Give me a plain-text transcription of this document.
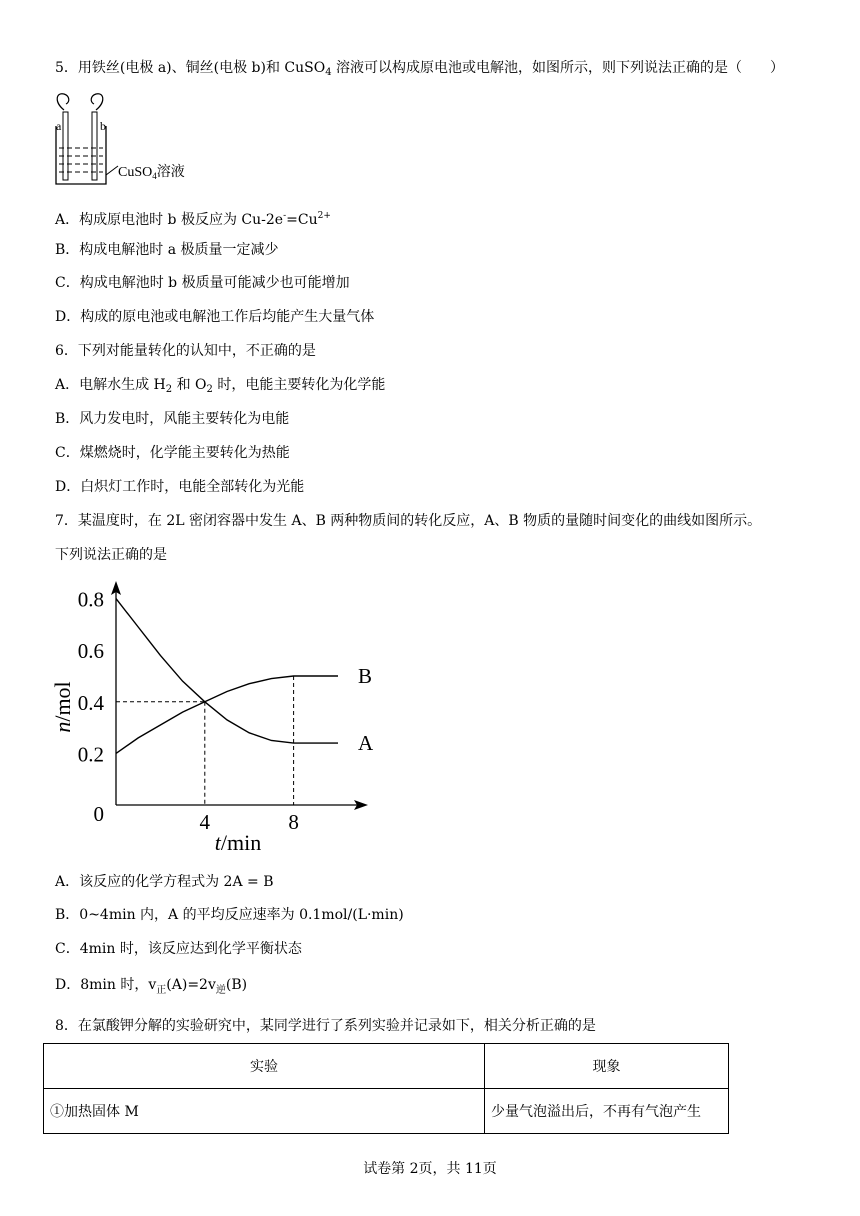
5．用铁丝(电极 a)、铜丝(电极 b)和 CuSO$_4$ 溶液可以构成原电池或电解池，如图所示，则下列说法正确的是（　　）
a	b
CuSO$_4$溶液
A．构成原电池时 b 极反应为 $Cu-2e^-=Cu^{2+}$
B．构成电解池时 a 极质量一定减少
C．构成电解池时 b 极质量可能减少也可能增加
D．构成的原电池或电解池工作后均能产生大量气体
6．下列对能量转化的认知中，不正确的是
A．电解水生成 $H_2$ 和 $O_2$ 时，电能主要转化为化学能
B．风力发电时，风能主要转化为电能
C．煤燃烧时，化学能主要转化为热能
D．白炽灯工作时，电能全部转化为光能
7．某温度时，在 2L 密闭容器中发生 A、B 两种物质间的转化反应，A、B 物质的量随时间变化的曲线如图所示。
下列说法正确的是
0.8
0.6
0.4
0.2
0	4	8
A
B
t/min
n/mol
A．该反应的化学方程式为 2A = B
B．0~4min 内，A 的平均反应速率为 0.1mol/(L·min)
C．4min 时，该反应达到化学平衡状态
D．8min 时，$v_正(A)=2v_逆(B)$
8．在氯酸钾分解的实验研究中，某同学进行了系列实验并记录如下，相关分析正确的是
实验	现象
①加热固体 M	少量气泡溢出后，不再有气泡产生
试卷第 2页，共 11页
